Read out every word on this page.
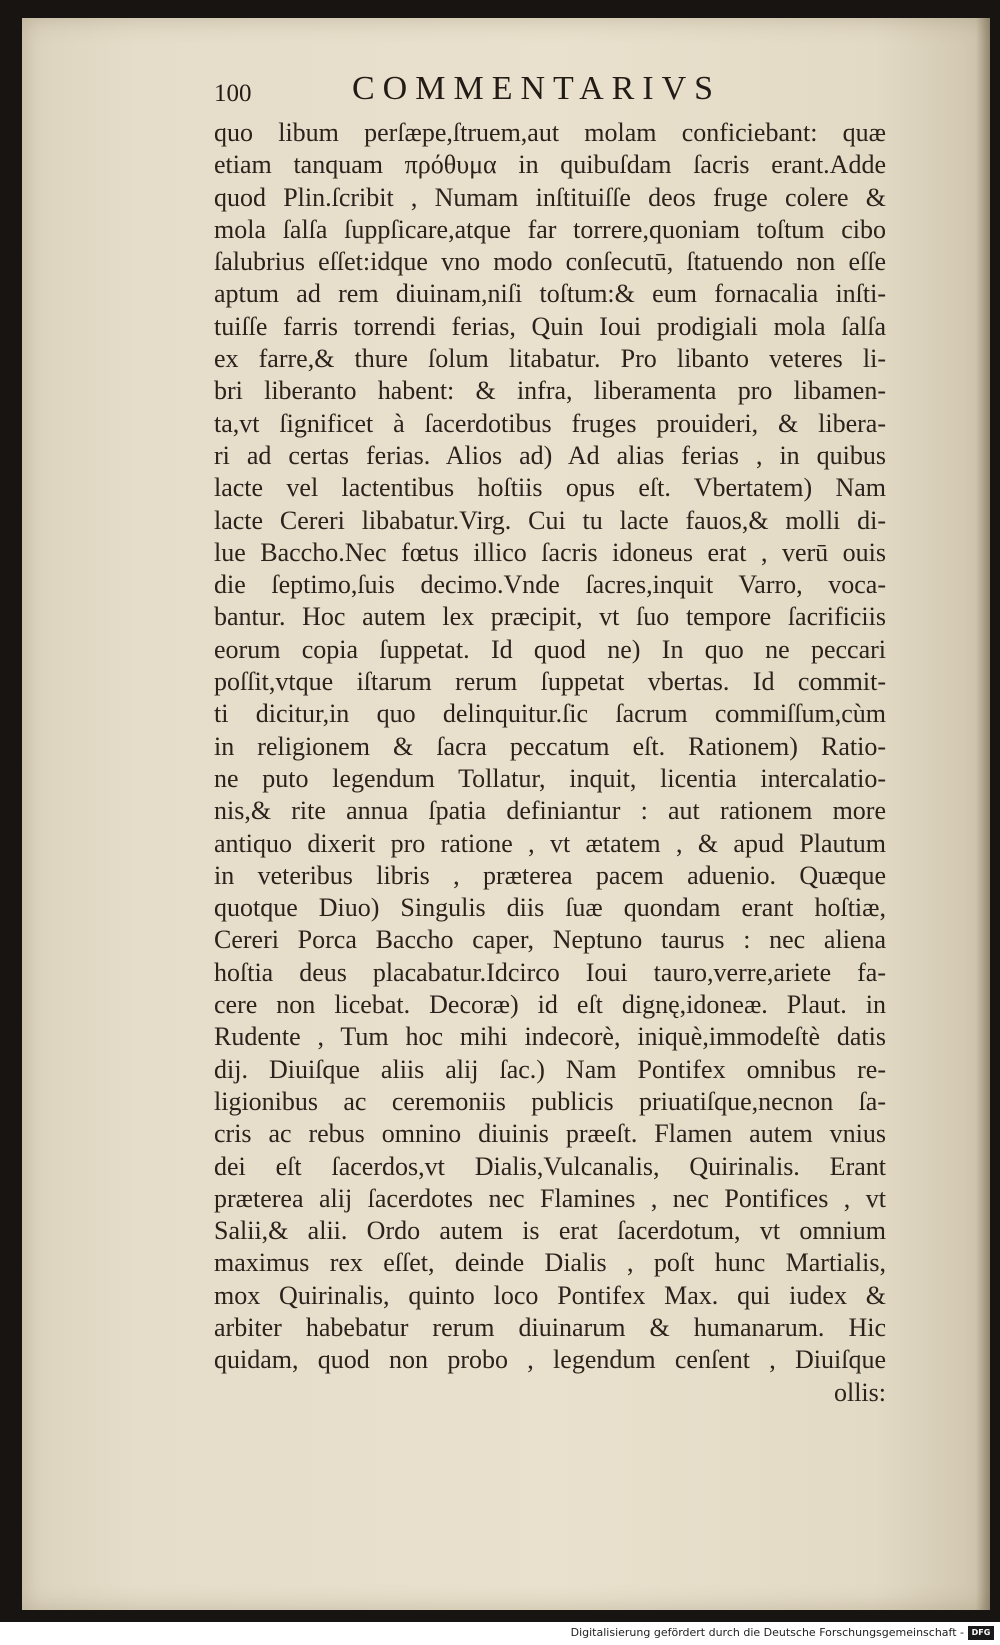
100	COMMENTARIVS
quo libum perſæpe,ſtruem,aut molam conficiebant: quæ
etiam tanquam πρόθυμα in quibuſdam ſacris erant.Adde
quod Plin.ſcribit , Numam inſtituiſſe deos fruge colere &
mola ſalſa ſuppſicare,atque far torrere,quoniam toſtum cibo
ſalubrius eſſet:idque vno modo conſecutū, ſtatuendo non eſſe
aptum ad rem diuinam,niſi toſtum:& eum fornacalia inſti-
tuiſſe farris torrendi ferias, Quin Ioui prodigiali mola ſalſa
ex farre,& thure ſolum litabatur. Pro libanto veteres li-
bri liberanto habent: & infra, liberamenta pro libamen-
ta,vt ſignificet à ſacerdotibus fruges prouideri, & libera-
ri ad certas ferias. Alios ad) Ad alias ferias , in quibus
lacte vel lactentibus hoſtiis opus eſt. Vbertatem) Nam
lacte Cereri libabatur.Virg. Cui tu lacte fauos,& molli di-
lue Baccho.Nec fœtus illico ſacris idoneus erat , verū ouis
die ſeptimo,ſuis decimo.Vnde ſacres,inquit Varro, voca-
bantur. Hoc autem lex præcipit, vt ſuo tempore ſacrificiis
eorum copia ſuppetat. Id quod ne) In quo ne peccari
poſſit,vtque iſtarum rerum ſuppetat vbertas. Id commit-
ti dicitur,in quo delinquitur.ſic ſacrum commiſſum,cùm
in religionem & ſacra peccatum eſt. Rationem) Ratio-
ne puto legendum Tollatur, inquit, licentia intercalatio-
nis,& rite annua ſpatia definiantur : aut rationem more
antiquo dixerit pro ratione , vt ætatem , & apud Plautum
in veteribus libris , præterea pacem aduenio. Quæque
quotque Diuo) Singulis diis ſuæ quondam erant hoſtiæ,
Cereri Porca Baccho caper, Neptuno taurus : nec aliena
hoſtia deus placabatur.Idcirco Ioui tauro,verre,ariete fa-
cere non licebat. Decoræ) id eſt dignę,idoneæ. Plaut. in
Rudente , Tum hoc mihi indecorè, iniquè,immodeſtè datis
dij. Diuiſque aliis alij ſac.) Nam Pontifex omnibus re-
ligionibus ac ceremoniis publicis priuatiſque,necnon ſa-
cris ac rebus omnino diuinis præeſt. Flamen autem vnius
dei eſt ſacerdos,vt Dialis,Vulcanalis, Quirinalis. Erant
præterea alij ſacerdotes nec Flamines , nec Pontifices , vt
Salii,& alii. Ordo autem is erat ſacerdotum, vt omnium
maximus rex eſſet, deinde Dialis , poſt hunc Martialis,
mox Quirinalis, quinto loco Pontifex Max. qui iudex &
arbiter habebatur rerum diuinarum & humanarum. Hic
quidam, quod non probo , legendum cenſent , Diuiſque
ollis:
Digitalisierung gefördert durch die Deutsche Forschungsgemeinschaft - DFG
